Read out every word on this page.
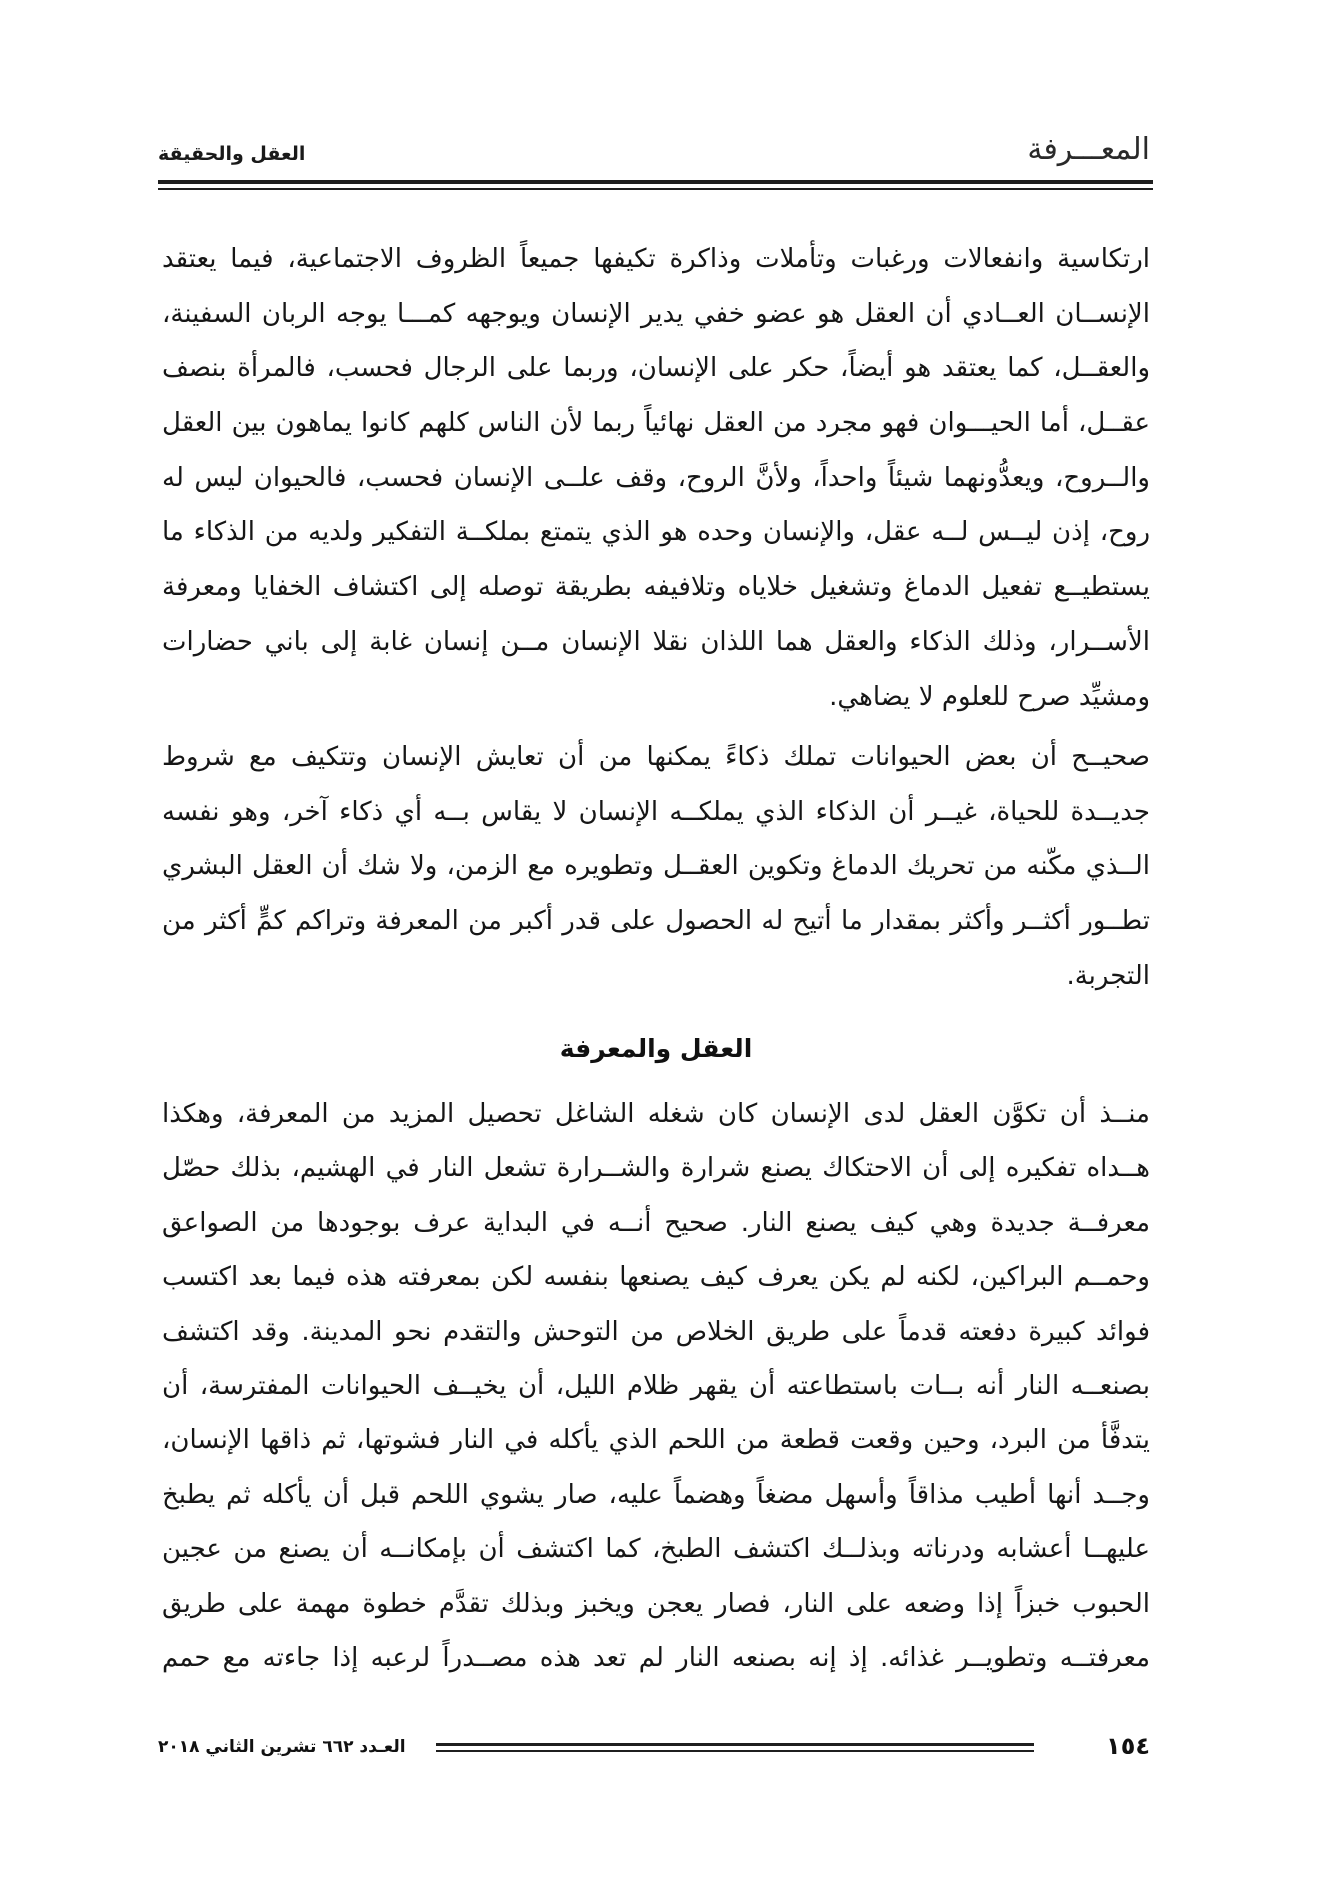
المعـــرفة
العقل والحقيقة
ارتكاسية وانفعالات ورغبات وتأملات وذاكرة تكيفها جميعاً الظروف الاجتماعية، فيما يعتقد
الإنســان العــادي أن العقل هو عضو خفي يدير الإنسان ويوجهه كمـــا يوجه الربان السفينة،
والعقــل، كما يعتقد هو أيضاً، حكر على الإنسان، وربما على الرجال فحسب، فالمرأة بنصف
عقــل، أما الحيـــوان فهو مجرد من العقل نهائياً ربما لأن الناس كلهم كانوا يماهون بين العقل
والــروح، ويعدُّونهما شيئاً واحداً، ولأنَّ الروح، وقف علــى الإنسان فحسب، فالحيوان ليس له
روح، إذن ليــس لــه عقل، والإنسان وحده هو الذي يتمتع بملكــة التفكير ولديه من الذكاء ما
يستطيــع تفعيل الدماغ وتشغيل خلاياه وتلافيفه بطريقة توصله إلى اكتشاف الخفايا ومعرفة
الأســرار، وذلك الذكاء والعقل هما اللذان نقلا الإنسان مــن إنسان غابة إلى باني حضارات
ومشيِّد صرح للعلوم لا يضاهي.
صحيــح أن بعض الحيوانات تملك ذكاءً يمكنها من أن تعايش الإنسان وتتكيف مع شروط
جديــدة للحياة، غيــر أن الذكاء الذي يملكــه الإنسان لا يقاس بــه أي ذكاء آخر، وهو نفسه
الــذي مكّنه من تحريك الدماغ وتكوين العقــل وتطويره مع الزمن، ولا شك أن العقل البشري
تطــور أكثــر وأكثر بمقدار ما أتيح له الحصول على قدر أكبر من المعرفة وتراكم كمٍّ أكثر من
التجربة.
العقل والمعرفة
منــذ أن تكوَّن العقل لدى الإنسان كان شغله الشاغل تحصيل المزيد من المعرفة، وهكذا
هــداه تفكيره إلى أن الاحتكاك يصنع شرارة والشــرارة تشعل النار في الهشيم، بذلك حصّل
معرفــة جديدة وهي كيف يصنع النار. صحيح أنــه في البداية عرف بوجودها من الصواعق
وحمــم البراكين، لكنه لم يكن يعرف كيف يصنعها بنفسه لكن بمعرفته هذه فيما بعد اكتسب
فوائد كبيرة دفعته قدماً على طريق الخلاص من التوحش والتقدم نحو المدينة. وقد اكتشف
بصنعــه النار أنه بــات باستطاعته أن يقهر ظلام الليل، أن يخيــف الحيوانات المفترسة، أن
يتدفَّأ من البرد، وحين وقعت قطعة من اللحم الذي يأكله في النار فشوتها، ثم ذاقها الإنسان،
وجــد أنها أطيب مذاقاً وأسهل مضغاً وهضماً عليه، صار يشوي اللحم قبل أن يأكله ثم يطبخ
عليهــا أعشابه ودرناته وبذلــك اكتشف الطبخ، كما اكتشف أن بإمكانــه أن يصنع من عجين
الحبوب خبزاً إذا وضعه على النار، فصار يعجن ويخبز وبذلك تقدَّم خطوة مهمة على طريق
معرفتــه وتطويــر غذائه. إذ إنه بصنعه النار لم تعد هذه مصــدراً لرعبه إذا جاءته مع حمم
١٥٤
العـدد ٦٦٢ تشرين الثاني ٢٠١٨
